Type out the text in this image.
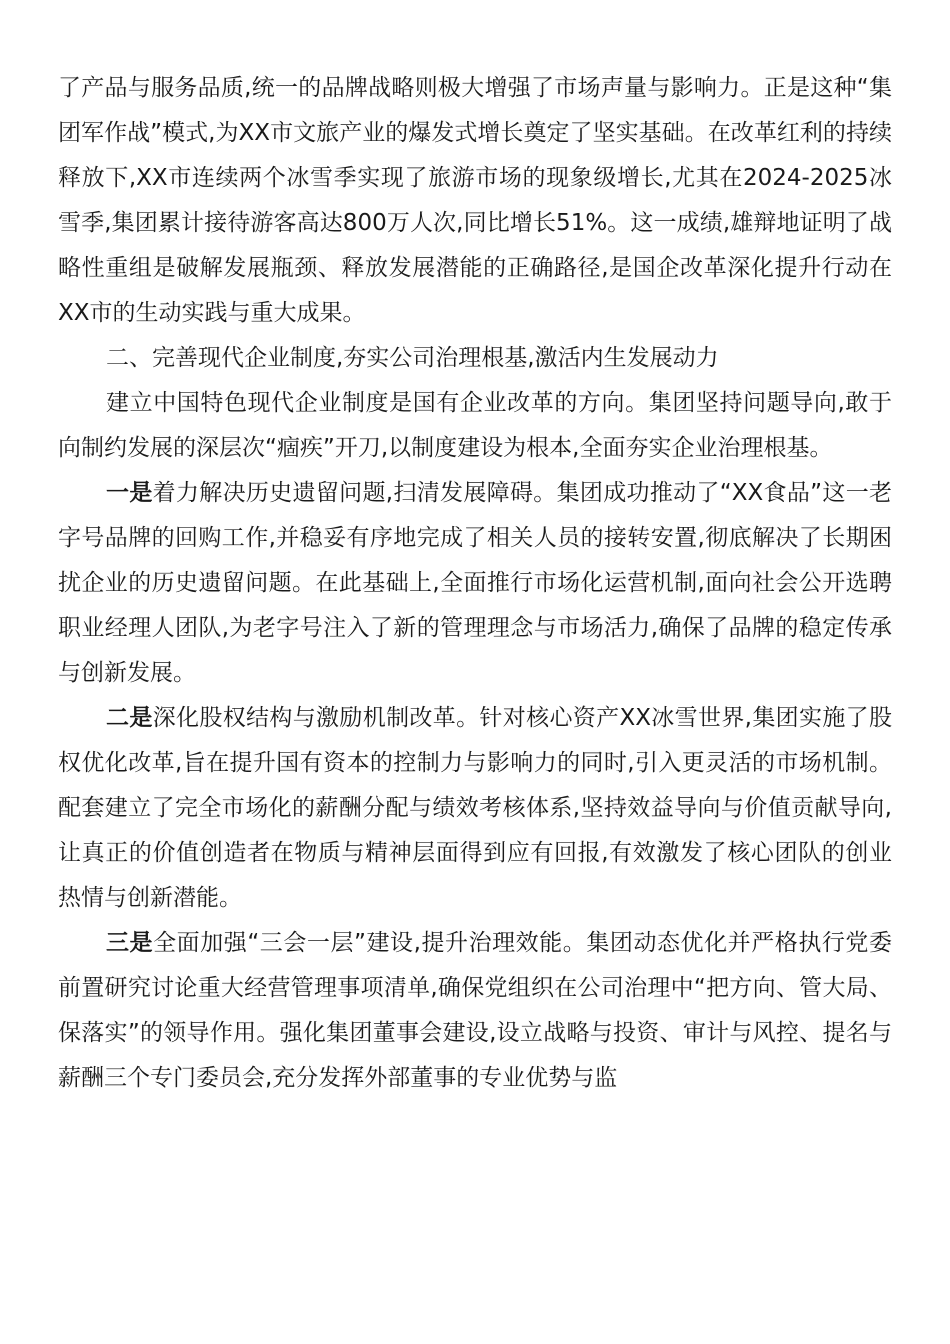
了产品与服务品质,统一的品牌战略则极大增强了市场声量与影响力。正是这种“集团军作战”模式,为XX市文旅产业的爆发式增长奠定了坚实基础。在改革红利的持续释放下,XX市连续两个冰雪季实现了旅游市场的现象级增长,尤其在2024-2025冰雪季,集团累计接待游客高达800万人次,同比增长51%。这一成绩,雄辩地证明了战略性重组是破解发展瓶颈、释放发展潜能的正确路径,是国企改革深化提升行动在XX市的生动实践与重大成果。

二、完善现代企业制度,夯实公司治理根基,激活内生发展动力

建立中国特色现代企业制度是国有企业改革的方向。集团坚持问题导向,敢于向制约发展的深层次“痼疾”开刀,以制度建设为根本,全面夯实企业治理根基。

一是着力解决历史遗留问题,扫清发展障碍。集团成功推动了“XX食品”这一老字号品牌的回购工作,并稳妥有序地完成了相关人员的接转安置,彻底解决了长期困扰企业的历史遗留问题。在此基础上,全面推行市场化运营机制,面向社会公开选聘职业经理人团队,为老字号注入了新的管理理念与市场活力,确保了品牌的稳定传承与创新发展。

二是深化股权结构与激励机制改革。针对核心资产XX冰雪世界,集团实施了股权优化改革,旨在提升国有资本的控制力与影响力的同时,引入更灵活的市场机制。配套建立了完全市场化的薪酬分配与绩效考核体系,坚持效益导向与价值贡献导向,让真正的价值创造者在物质与精神层面得到应有回报,有效激发了核心团队的创业热情与创新潜能。

三是全面加强“三会一层”建设,提升治理效能。集团动态优化并严格执行党委前置研究讨论重大经营管理事项清单,确保党组织在公司治理中“把方向、管大局、保落实”的领导作用。强化集团董事会建设,设立战略与投资、审计与风控、提名与薪酬三个专门委员会,充分发挥外部董事的专业优势与监
